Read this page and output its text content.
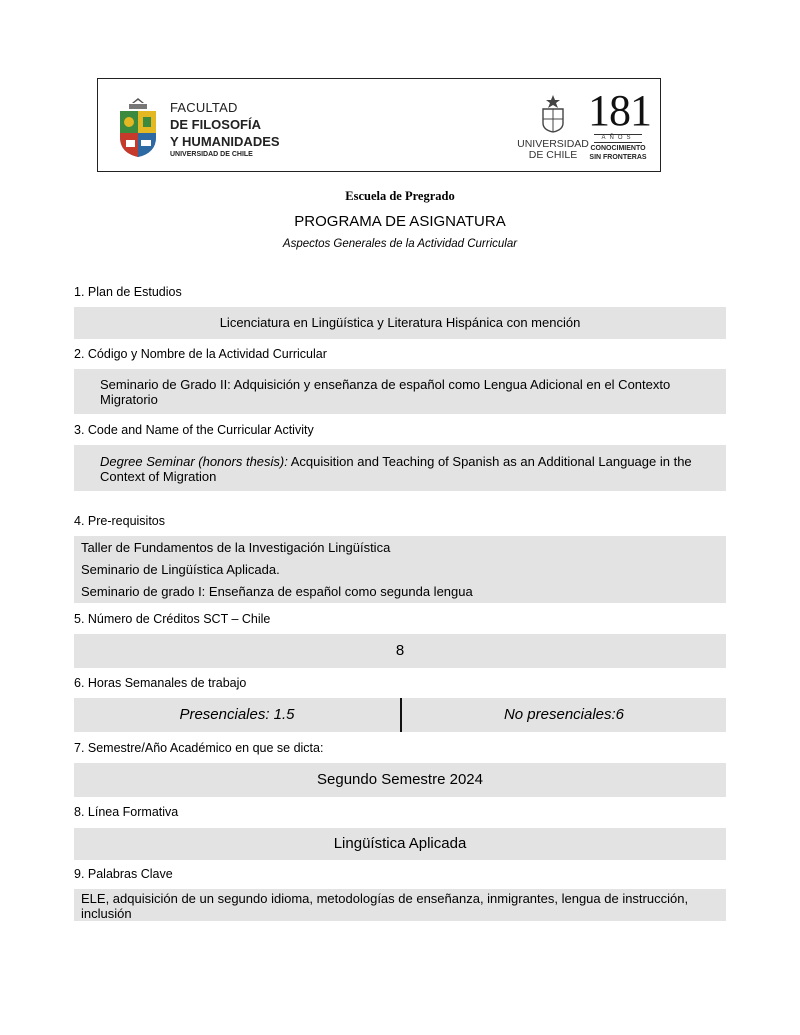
FACULTAD
DE FILOSOFÍA
Y HUMANIDADES
UNIVERSIDAD DE CHILE
UNIVERSIDAD
DE CHILE
181
AÑOS
CONOCIMIENTO
SIN FRONTERAS
Escuela de Pregrado
PROGRAMA DE ASIGNATURA
Aspectos Generales de la Actividad Curricular
1. Plan de Estudios
Licenciatura en Lingüística y Literatura Hispánica con mención
2. Código y Nombre de la Actividad Curricular
Seminario de Grado II: Adquisición y enseñanza de español como Lengua Adicional en el Contexto Migratorio
3. Code and Name of the Curricular Activity
Degree Seminar (honors thesis): Acquisition and Teaching of Spanish as an Additional Language in the Context of Migration
4. Pre-requisitos
Taller de Fundamentos de la Investigación Lingüística
Seminario de Lingüística Aplicada.
Seminario de grado I: Enseñanza de español como segunda lengua
5. Número de Créditos SCT – Chile
8
6. Horas Semanales de trabajo
Presenciales: 1.5	No presenciales:6
7. Semestre/Año Académico en que se dicta:
Segundo Semestre 2024
8. Línea Formativa
Lingüística Aplicada
9. Palabras Clave
ELE, adquisición de un segundo idioma, metodologías de enseñanza, inmigrantes, lengua de instrucción, inclusión
